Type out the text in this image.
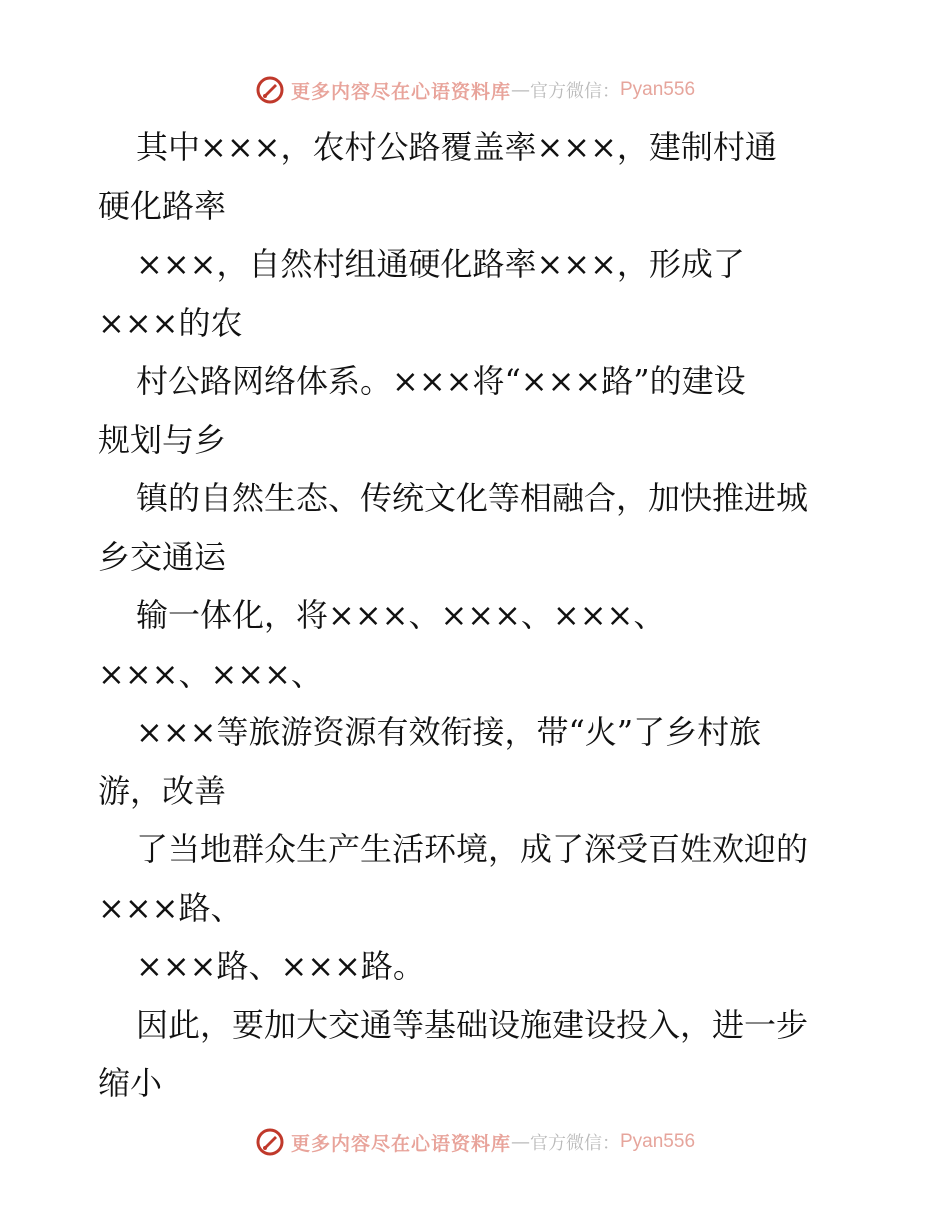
更多内容尽在心语资料库 — 官方微信： Pyan556
其中×××，农村公路覆盖率×××，建制村通
硬化路率
×××，自然村组通硬化路率×××，形成了
×××的农
村公路网络体系。×××将“×××路”的建设
规划与乡
镇的自然生态、传统文化等相融合，加快推进城
乡交通运
输一体化，将×××、×××、×××、
×××、×××、
×××等旅游资源有效衔接，带“火”了乡村旅
游，改善
了当地群众生产生活环境，成了深受百姓欢迎的
×××路、
×××路、×××路。
因此，要加大交通等基础设施建设投入，进一步
缩小
更多内容尽在心语资料库 — 官方微信： Pyan556
